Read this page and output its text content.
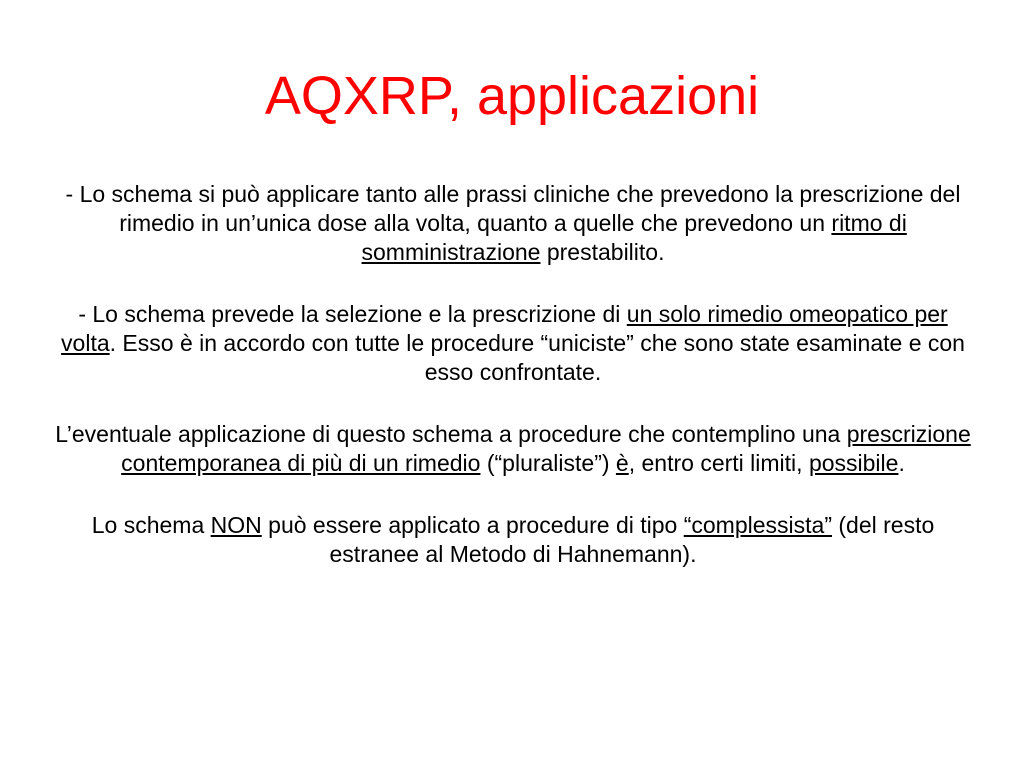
AQXRP, applicazioni

- Lo schema si può applicare tanto alle prassi cliniche che prevedono la prescrizione del rimedio in un’unica dose alla volta, quanto a quelle che prevedono un ritmo di somministrazione prestabilito.

- Lo schema prevede la selezione e la prescrizione di un solo rimedio omeopatico per volta. Esso è in accordo con tutte le procedure “uniciste” che sono state esaminate e con esso confrontate.

L’eventuale applicazione di questo schema a procedure che contemplino una prescrizione contemporanea di più di un rimedio (“pluraliste”) è, entro certi limiti, possibile.

Lo schema NON può essere applicato a procedure di tipo “complessista” (del resto estranee al Metodo di Hahnemann).
